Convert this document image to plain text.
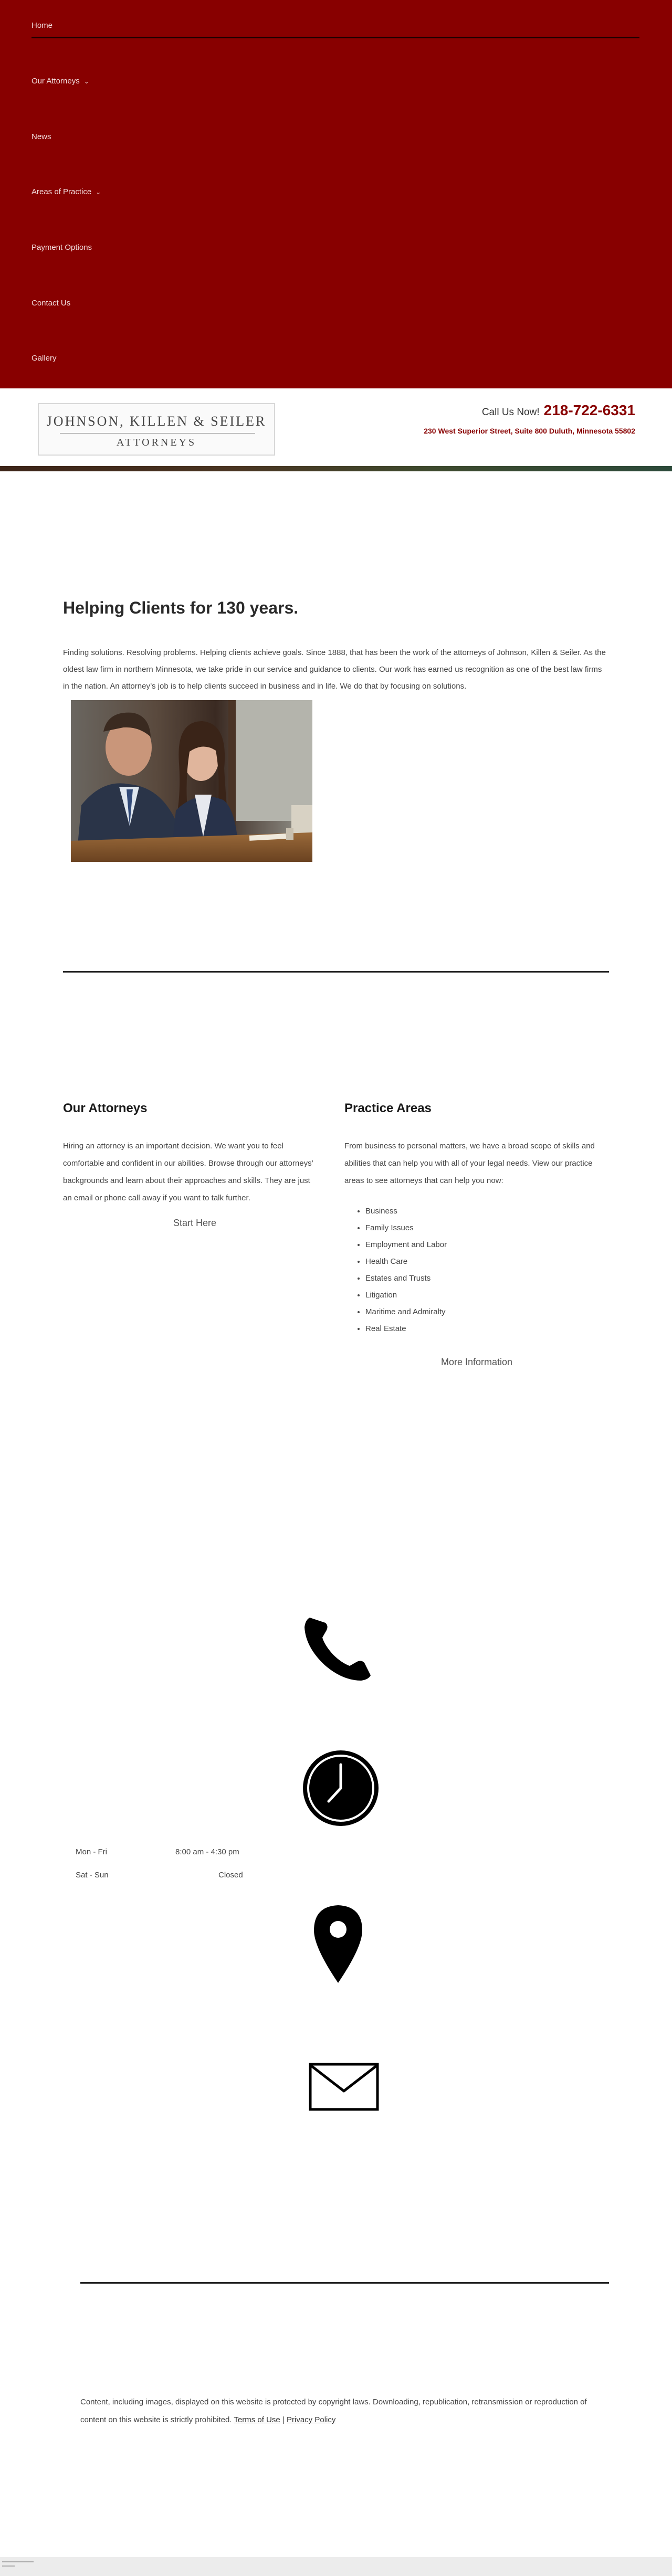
Home
Our Attorneys ⌄
News
Areas of Practice ⌄
Payment Options
Contact Us
Gallery
JOHNSON, KILLEN & SEILER
ATTORNEYS
Call Us Now! 218-722-6331
230 West Superior Street, Suite 800 Duluth, Minnesota 55802
Helping Clients for 130 years.

Finding solutions. Resolving problems. Helping clients achieve goals. Since 1888, that has been the work of the attorneys of Johnson, Killen & Seiler. As the oldest law firm in northern Minnesota, we take pride in our service and guidance to clients. Our work has earned us recognition as one of the best law firms in the nation. An attorney’s job is to help clients succeed in business and in life. We do that by focusing on solutions.

Our Attorneys

Hiring an attorney is an important decision. We want you to feel comfortable and confident in our abilities. Browse through our attorneys’ backgrounds and learn about their approaches and skills. They are just an email or phone call away if you want to talk further.

Start Here
Practice Areas

From business to personal matters, we have a broad scope of skills and abilities that can help you with all of your legal needs. View our practice areas to see attorneys that can help you now:

• Business
• Family Issues
• Employment and Labor
• Health Care
• Estates and Trusts
• Litigation
• Maritime and Admiralty
• Real Estate
More Information
Mon - Fri	8:00 am - 4:30 pm
Sat - Sun	Closed

Content, including images, displayed on this website is protected by copyright laws. Downloading, republication, retransmission or reproduction of content on this website is strictly prohibited. Terms of Use | Privacy Policy
